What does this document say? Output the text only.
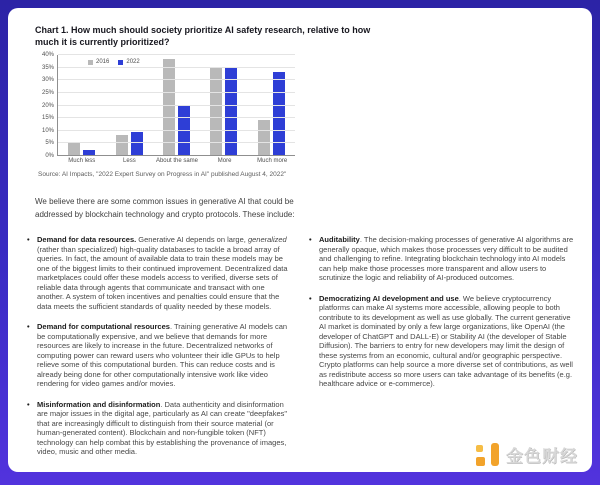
Chart 1. How much should society prioritize AI safety research, relative to how much it is currently prioritized?
0%
5%
10%
15%
20%
25%
30%
35%
40%
2016	2022
Much less	Less	About the same	More	Much more
Source: AI Impacts, "2022 Expert Survey on Progress in AI" published August 4, 2022"
We believe there are some common issues in generative AI that could be addressed by blockchain technology and crypto protocols. These include:
• Demand for data resources. Generative AI depends on large, generalized (rather than specialized) high-quality databases to tackle a broad array of queries. In fact, the amount of available data to train these models may be one of the biggest limits to their continued improvement. Decentralized data marketplaces could offer these models access to verified, diverse sets of reliable data through agents that communicate and transact with one another. A system of token incentives and penalties could ensure that the data meets the sufficient standards of quality needed by these models.
• Demand for computational resources. Training generative AI models can be computationally expensive, and we believe that demands for more resources are likely to increase in the future. Decentralized networks of computing power can reward users who volunteer their idle GPUs to help relieve some of this computational burden. This can reduce costs and is already being done for other computationally intensive work like video rendering for video games and/or movies.
• Misinformation and disinformation. Data authenticity and disinformation are major issues in the digital age, particularly as AI can create "deepfakes" that are increasingly difficult to distinguish from their source material (or human-generated content). Blockchain and non-fungible token (NFT) technology can help combat this by establishing the provenance of images, video, music and other media.
• Auditability. The decision-making processes of generative AI algorithms are generally opaque, which makes those processes very difficult to be audited and challenging to refine. Integrating blockchain technology into AI models can help make those processes more transparent and allow users to scrutinize the logic and reliability of AI-produced outcomes.
• Democratizing AI development and use. We believe cryptocurrency platforms can make AI systems more accessible, allowing people to both contribute to its development as well as use globally. The current generative AI market is dominated by only a few large organizations, like OpenAI (the developer of ChatGPT and DALL-E) or Stability AI (the developer of Stable Diffusion). The barriers to entry for new developers may limit the design of these systems from an economic, cultural and/or geographic perspective. Crypto platforms can help source a more diverse set of contributions, as well as redistribute access so more users can take advantage of its benefits (e.g. healthcare advice or e-commerce).
金色财经
